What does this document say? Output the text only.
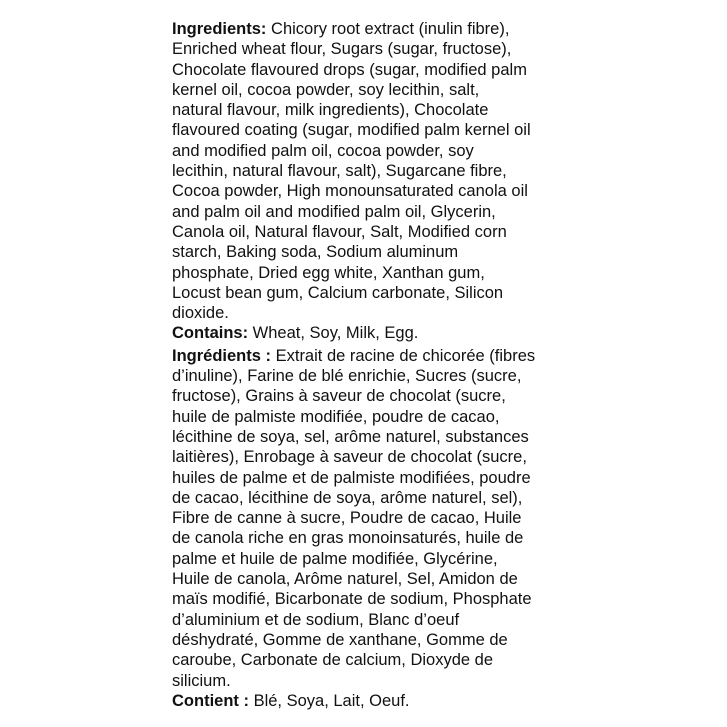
Ingredients: Chicory root extract (inulin fibre),
Enriched wheat flour, Sugars (sugar, fructose),
Chocolate flavoured drops (sugar, modified palm
kernel oil, cocoa powder, soy lecithin, salt,
natural flavour, milk ingredients), Chocolate
flavoured coating (sugar, modified palm kernel oil
and modified palm oil, cocoa powder, soy
lecithin, natural flavour, salt), Sugarcane fibre,
Cocoa powder, High monounsaturated canola oil
and palm oil and modified palm oil, Glycerin,
Canola oil, Natural flavour, Salt, Modified corn
starch, Baking soda, Sodium aluminum
phosphate, Dried egg white, Xanthan gum,
Locust bean gum, Calcium carbonate, Silicon
dioxide.
Contains: Wheat, Soy, Milk, Egg.
Ingrédients : Extrait de racine de chicorée (fibres
d’inuline), Farine de blé enrichie, Sucres (sucre,
fructose), Grains à saveur de chocolat (sucre,
huile de palmiste modifiée, poudre de cacao,
lécithine de soya, sel, arôme naturel, substances
laitières), Enrobage à saveur de chocolat (sucre,
huiles de palme et de palmiste modifiées, poudre
de cacao, lécithine de soya, arôme naturel, sel),
Fibre de canne à sucre, Poudre de cacao, Huile
de canola riche en gras monoinsaturés, huile de
palme et huile de palme modifiée, Glycérine,
Huile de canola, Arôme naturel, Sel, Amidon de
maïs modifié, Bicarbonate de sodium, Phosphate
d’aluminium et de sodium, Blanc d’oeuf
déshydraté, Gomme de xanthane, Gomme de
caroube, Carbonate de calcium, Dioxyde de
silicium.
Contient : Blé, Soya, Lait, Oeuf.
